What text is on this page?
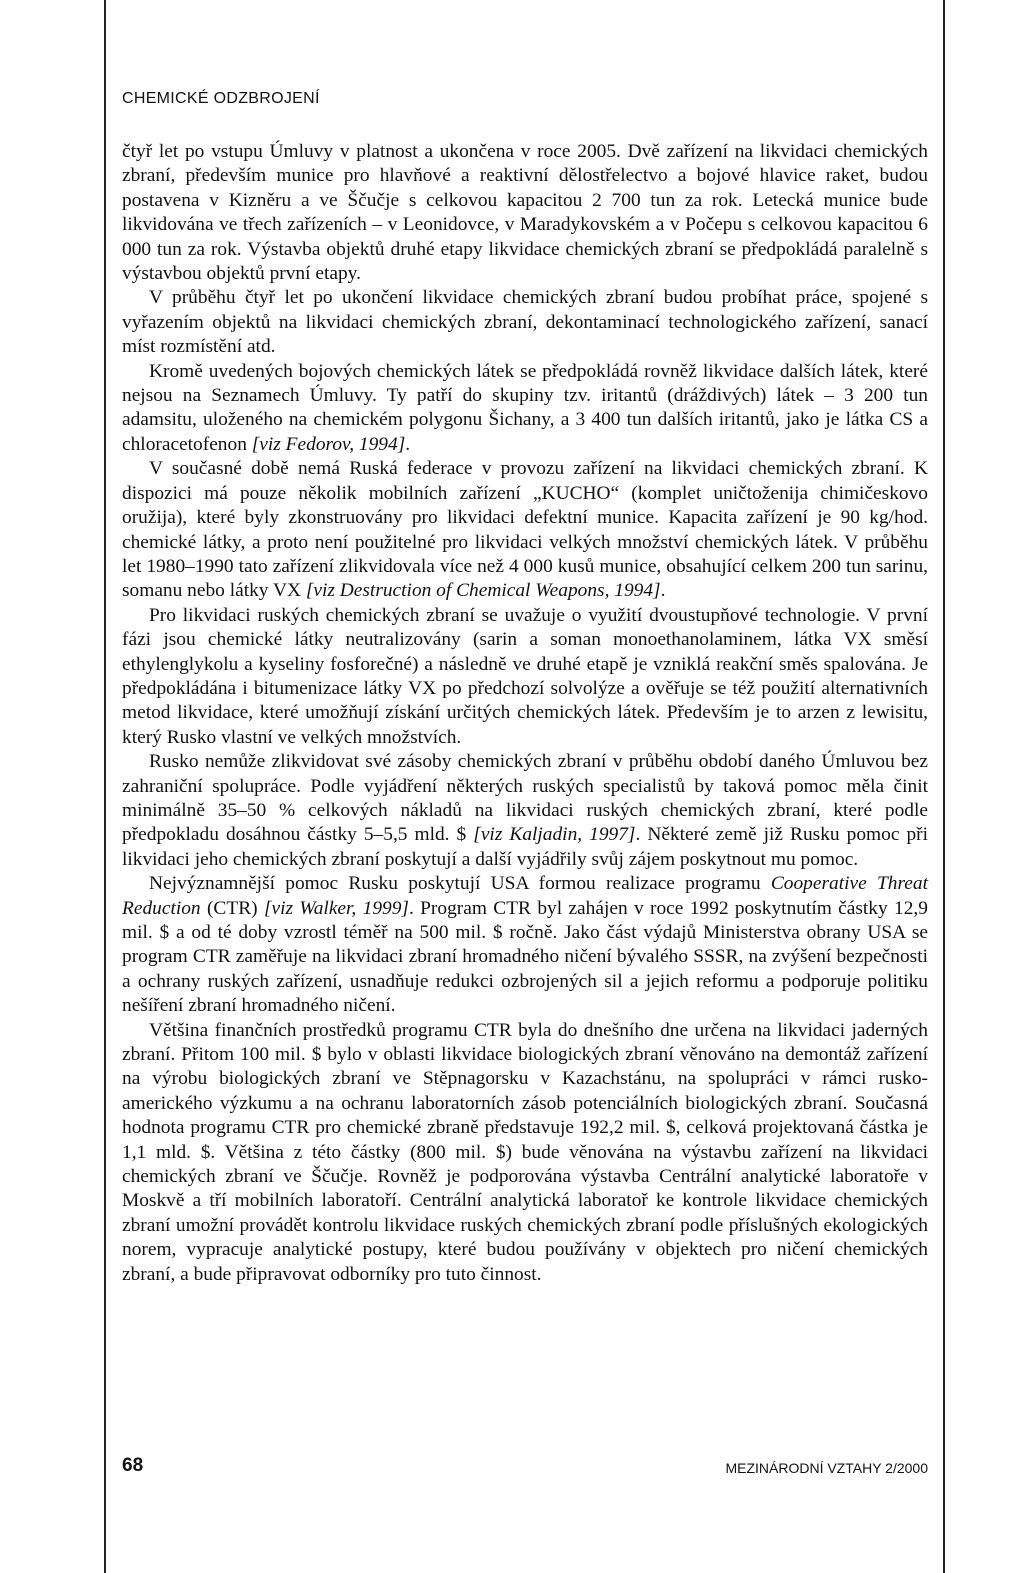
CHEMICKÉ ODZBROJENÍ

čtyř let po vstupu Úmluvy v platnost a ukončena v roce 2005. Dvě zařízení na likvidaci chemických zbraní, především munice pro hlavňové a reaktivní dělostřelectvo a bojové hlavice raket, budou postavena v Kizněru a ve Ščučje s celkovou kapacitou 2 700 tun za rok. Letecká munice bude likvidována ve třech zařízeních – v Leonidovce, v Maradykovském a v Počepu s celkovou kapacitou 6 000 tun za rok. Výstavba objektů druhé etapy likvidace chemických zbraní se předpokládá paralelně s výstavbou objektů první etapy.

V průběhu čtyř let po ukončení likvidace chemických zbraní budou probíhat práce, spojené s vyřazením objektů na likvidaci chemických zbraní, dekontaminací technologického zařízení, sanací míst rozmístění atd.

Kromě uvedených bojových chemických látek se předpokládá rovněž likvidace dalších látek, které nejsou na Seznamech Úmluvy. Ty patří do skupiny tzv. iritantů (dráždivých) látek – 3 200 tun adamsitu, uloženého na chemickém polygonu Šichany, a 3 400 tun dalších iritantů, jako je látka CS a chloracetofenon [viz Fedorov, 1994].

V současné době nemá Ruská federace v provozu zařízení na likvidaci chemických zbraní. K dispozici má pouze několik mobilních zařízení „KUCHO“ (komplet uničtoženija chimičeskovo oružija), které byly zkonstruovány pro likvidaci defektní munice. Kapacita zařízení je 90 kg/hod. chemické látky, a proto není použitelné pro likvidaci velkých množství chemických látek. V průběhu let 1980–1990 tato zařízení zlikvidovala více než 4 000 kusů munice, obsahující celkem 200 tun sarinu, somanu nebo látky VX [viz Destruction of Chemical Weapons, 1994].

Pro likvidaci ruských chemických zbraní se uvažuje o využití dvoustupňové technologie. V první fázi jsou chemické látky neutralizovány (sarin a soman monoethanolaminem, látka VX směsí ethylenglykolu a kyseliny fosforečné) a následně ve druhé etapě je vzniklá reakční směs spalována. Je předpokládána i bitumenizace látky VX po předchozí solvolýze a ověřuje se též použití alternativních metod likvidace, které umožňují získání určitých chemických látek. Především je to arzen z lewisitu, který Rusko vlastní ve velkých množstvích.

Rusko nemůže zlikvidovat své zásoby chemických zbraní v průběhu období daného Úmluvou bez zahraniční spolupráce. Podle vyjádření některých ruských specialistů by taková pomoc měla činit minimálně 35–50 % celkových nákladů na likvidaci ruských chemických zbraní, které podle předpokladu dosáhnou částky 5–5,5 mld. $ [viz Kaljadin, 1997]. Některé země již Rusku pomoc při likvidaci jeho chemických zbraní poskytují a další vyjádřily svůj zájem poskytnout mu pomoc.

Nejvýznamnější pomoc Rusku poskytují USA formou realizace programu Cooperative Threat Reduction (CTR) [viz Walker, 1999]. Program CTR byl zahájen v roce 1992 poskytnutím částky 12,9 mil. $ a od té doby vzrostl téměř na 500 mil. $ ročně. Jako část výdajů Ministerstva obrany USA se program CTR zaměřuje na likvidaci zbraní hromadného ničení bývalého SSSR, na zvýšení bezpečnosti a ochrany ruských zařízení, usnadňuje redukci ozbrojených sil a jejich reformu a podporuje politiku nešíření zbraní hromadného ničení.

Většina finančních prostředků programu CTR byla do dnešního dne určena na likvidaci jaderných zbraní. Přitom 100 mil. $ bylo v oblasti likvidace biologických zbraní věnováno na demontáž zařízení na výrobu biologických zbraní ve Stěpnagorsku v Kazachstánu, na spolupráci v rámci rusko-amerického výzkumu a na ochranu laboratorních zásob potenciálních biologických zbraní. Současná hodnota programu CTR pro chemické zbraně představuje 192,2 mil. $, celková projektovaná částka je 1,1 mld. $. Většina z této částky (800 mil. $) bude věnována na výstavbu zařízení na likvidaci chemických zbraní ve Ščučje. Rovněž je podporována výstavba Centrální analytické laboratoře v Moskvě a tří mobilních laboratoří. Centrální analytická laboratoř ke kontrole likvidace chemických zbraní umožní provádět kontrolu likvidace ruských chemických zbraní podle příslušných ekologických norem, vypracuje analytické postupy, které budou používány v objektech pro ničení chemických zbraní, a bude připravovat odborníky pro tuto činnost.

68	MEZINÁRODNÍ VZTAHY 2/2000
